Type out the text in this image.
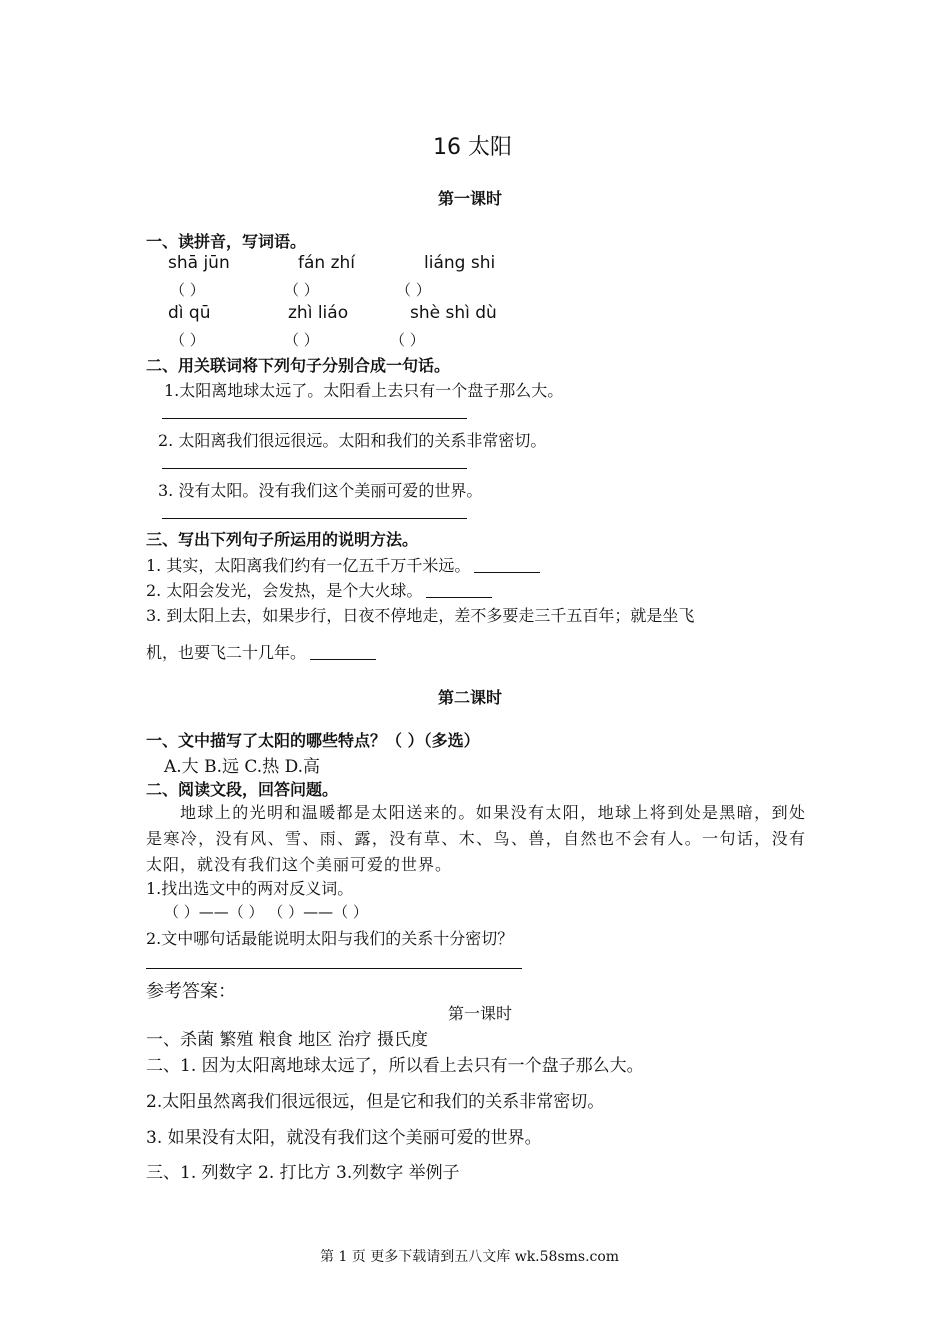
16 太阳
第一课时
一、读拼音，写词语。
shā jūn	fán zhí	liáng shi
（ ）	（ ）	（ ）
dì qū	zhì liáo	shè shì dù
（ ）	（ ）	（ ）
二、用关联词将下列句子分别合成一句话。
1.太阳离地球太远了。太阳看上去只有一个盘子那么大。
2. 太阳离我们很远很远。太阳和我们的关系非常密切。
3. 没有太阳。没有我们这个美丽可爱的世界。
三、写出下列句子所运用的说明方法。
1. 其实，太阳离我们约有一亿五千万千米远。
2. 太阳会发光，会发热，是个大火球。
3. 到太阳上去，如果步行，日夜不停地走，差不多要走三千五百年；就是坐飞
机，也要飞二十几年。
第二课时
一、文中描写了太阳的哪些特点？（ ）（多选）
A.大 B.远 C.热 D.高
二、阅读文段，回答问题。
地球上的光明和温暖都是太阳送来的。如果没有太阳，地球上将到处是黑暗，到处是寒冷，没有风、雪、雨、露，没有草、木、鸟、兽，自然也不会有人。一句话，没有太阳，就没有我们这个美丽可爱的世界。
1.找出选文中的两对反义词。
（ ）——（ ） （ ）——（ ）
2.文中哪句话最能说明太阳与我们的关系十分密切？
参考答案：
第一课时
一、杀菌 繁殖 粮食 地区 治疗 摄氏度
二、1. 因为太阳离地球太远了，所以看上去只有一个盘子那么大。
2.太阳虽然离我们很远很远，但是它和我们的关系非常密切。
3. 如果没有太阳，就没有我们这个美丽可爱的世界。
三、1. 列数字 2. 打比方 3.列数字 举例子
第 1 页 更多下载请到五八文库 wk.58sms.com
